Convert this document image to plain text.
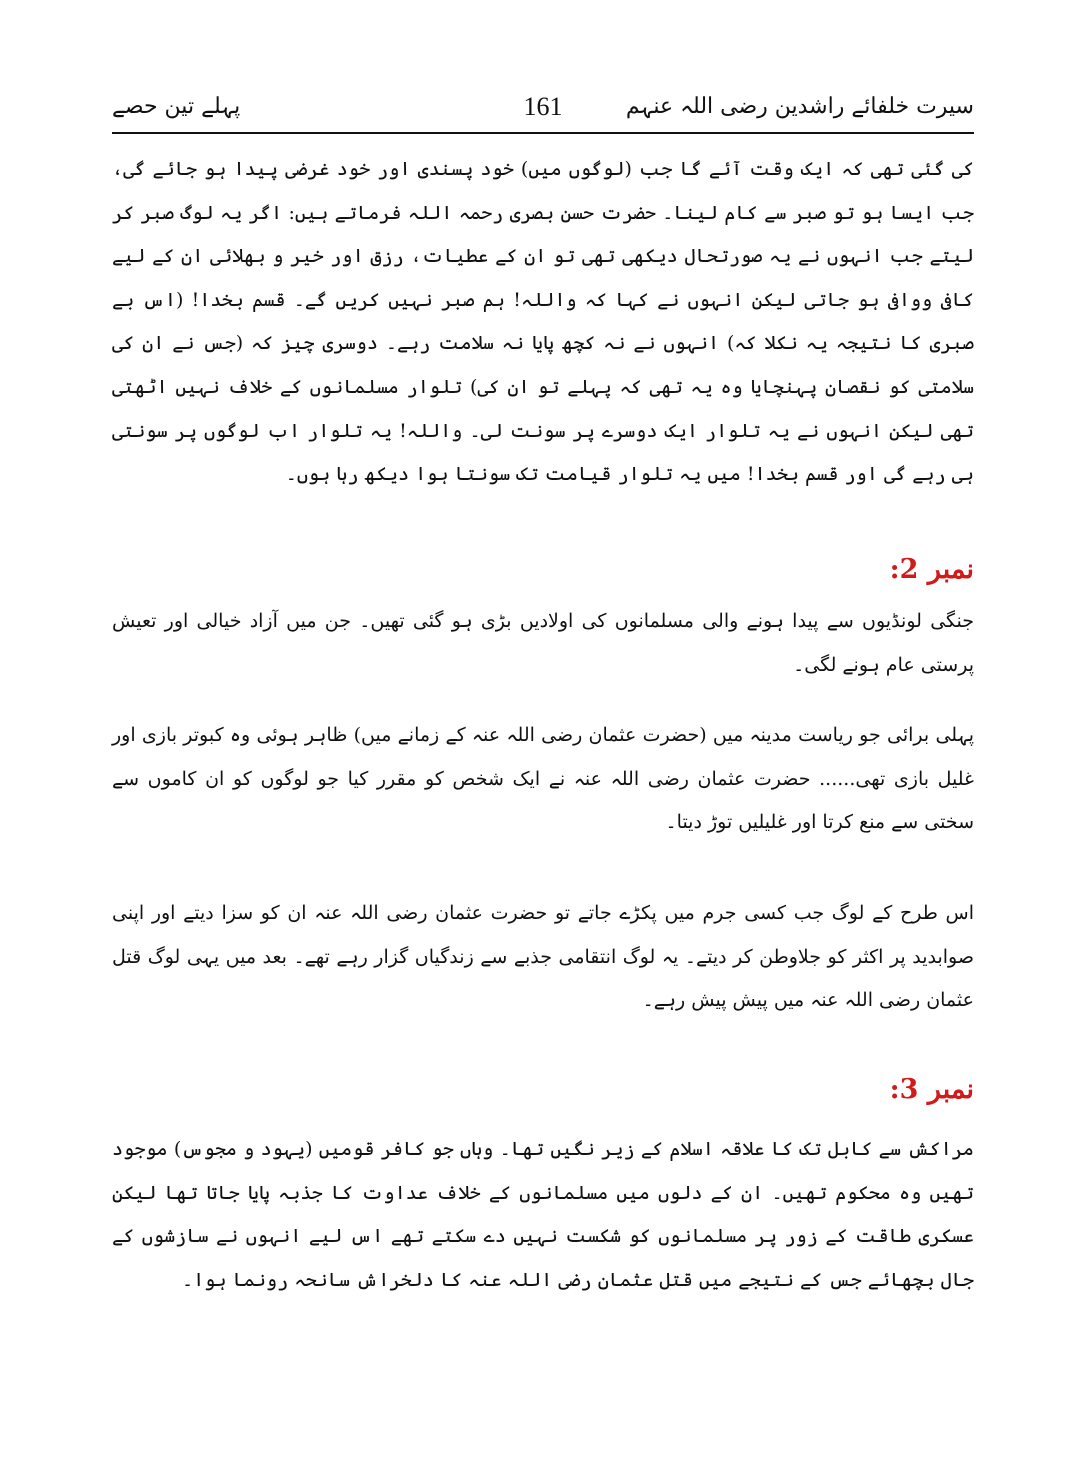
پہلے تین حصے	161	سیرت خلفائے راشدین رضی اللہ عنہم

کی گئی تھی کہ ایک وقت آئے گا جب (لوگوں میں) خود پسندی اور خود غرضی پیدا ہو جائے گی، جب ایسا ہو تو صبر سے کام لینا۔ حضرت حسن بصری رحمہ اللہ فرماتے ہیں: اگر یہ لوگ صبر کر لیتے جب انہوں نے یہ صورتحال دیکھی تھی تو ان کے عطیات، رزق اور خیر و بھلائی ان کے لیے کافی ووافی ہو جاتی لیکن انہوں نے کہا کہ واللہ! ہم صبر نہیں کریں گے۔ قسم بخدا! (اس بے صبری کا نتیجہ یہ نکلا کہ) انہوں نے نہ کچھ پایا نہ سلامت رہے۔ دوسری چیز کہ (جس نے ان کی سلامتی کو نقصان پہنچایا وہ یہ تھی کہ پہلے تو ان کی) تلوار مسلمانوں کے خلاف نہیں اٹھتی تھی لیکن انہوں نے یہ تلوار ایک دوسرے پر سونت لی۔ واللہ! یہ تلوار اب لوگوں پر سونتی ہی رہے گی اور قسم بخدا! میں یہ تلوار قیامت تک سونتا ہوا دیکھ رہا ہوں۔

نمبر 2:

جنگی لونڈیوں سے پیدا ہونے والی مسلمانوں کی اولادیں بڑی ہو گئی تھیں۔ جن میں آزاد خیالی اور تعیش پرستی عام ہونے لگی۔

پہلی برائی جو ریاست مدینہ میں (حضرت عثمان رضی اللہ عنہ کے زمانے میں) ظاہر ہوئی وہ کبوتر بازی اور غلیل بازی تھی...... حضرت عثمان رضی اللہ عنہ نے ایک شخص کو مقرر کیا جو لوگوں کو ان کاموں سے سختی سے منع کرتا اور غلیلیں توڑ دیتا۔

اس طرح کے لوگ جب کسی جرم میں پکڑے جاتے تو حضرت عثمان رضی اللہ عنہ ان کو سزا دیتے اور اپنی صوابدید پر اکثر کو جلاوطن کر دیتے۔ یہ لوگ انتقامی جذبے سے زندگیاں گزار رہے تھے۔ بعد میں یہی لوگ قتل عثمان رضی اللہ عنہ میں پیش پیش رہے۔

نمبر 3:

مراکش سے کابل تک کا علاقہ اسلام کے زیر نگیں تھا۔ وہاں جو کافر قومیں (یہود و مجوس) موجود تھیں وہ محکوم تھیں۔ ان کے دلوں میں مسلمانوں کے خلاف عداوت کا جذبہ پایا جاتا تھا لیکن عسکری طاقت کے زور پر مسلمانوں کو شکست نہیں دے سکتے تھے اس لیے انہوں نے سازشوں کے جال بچھائے جس کے نتیجے میں قتل عثمان رضی اللہ عنہ کا دلخراش سانحہ رونما ہوا۔
